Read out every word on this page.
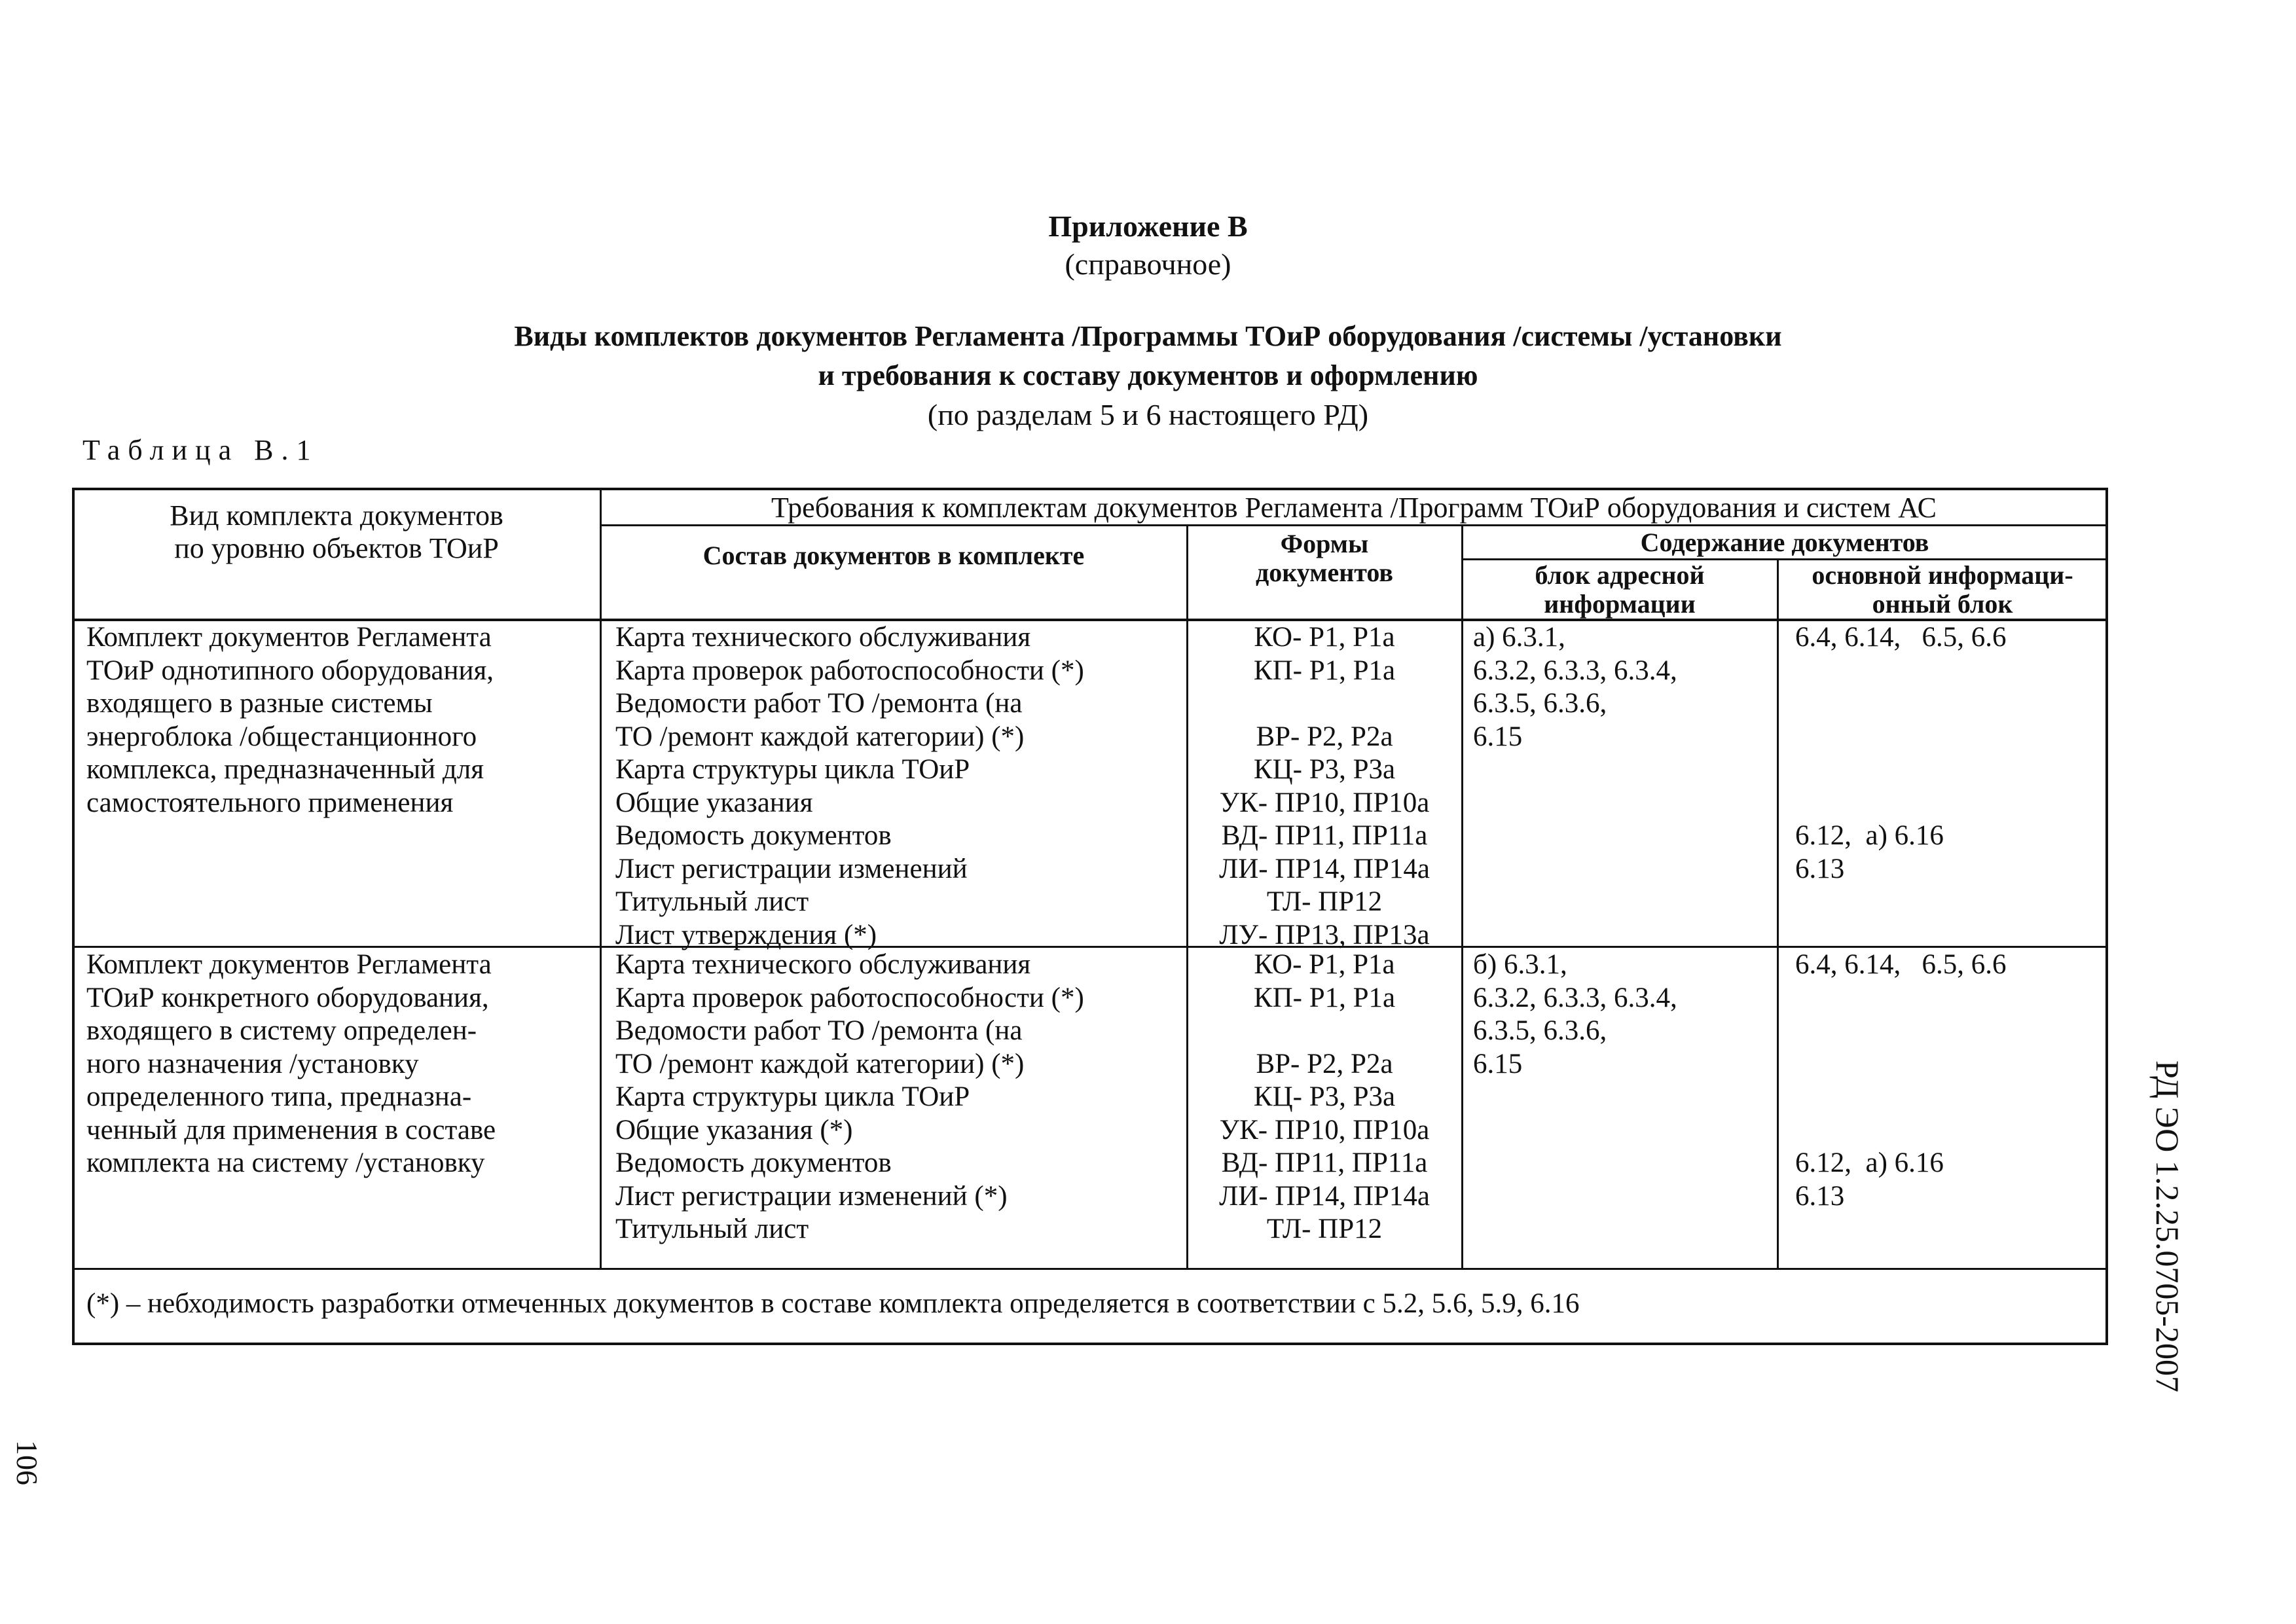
Приложение В
(справочное)
Виды комплектов документов Регламента /Программы ТОиР оборудования /системы /установки
и требования к составу документов и оформлению
(по разделам 5 и 6 настоящего РД)
Таблица В.1
Вид комплекта документов
по уровню объектов ТОиР
Требования к комплектам документов Регламента /Программ ТОиР оборудования и систем АС
Состав документов в комплекте	Формы
документов
Содержание документов
блок адресной
информации
основной информаци-
онный блок
Комплект документов Регламента
ТОиР однотипного оборудования,
входящего в разные системы
энергоблока /общестанционного
комплекса, предназначенный для
самостоятельного применения
Карта технического обслуживания
Карта проверок работоспособности (*)
Ведомости работ ТО /ремонта (на
ТО /ремонт каждой категории) (*)
Карта структуры цикла ТОиР
Общие указания
Ведомость документов
Лист регистрации изменений
Титульный лист
Лист утверждения (*)
КО- Р1, Р1а
КП- Р1, Р1а

ВР- Р2, Р2а
КЦ- Р3, Р3а
УК- ПР10, ПР10а
ВД- ПР11, ПР11а
ЛИ- ПР14, ПР14а
ТЛ- ПР12
ЛУ- ПР13, ПР13а
а) 6.3.1,
6.3.2, 6.3.3, 6.3.4,
6.3.5, 6.3.6,
6.15
6.4, 6.14,   6.5, 6.6
6.12,  а) 6.16
6.13
Комплект документов Регламента
ТОиР конкретного оборудования,
входящего в систему определен-
ного назначения /установку
определенного типа, предназна-
ченный для применения в составе
комплекта на систему /установку
Карта технического обслуживания
Карта проверок работоспособности (*)
Ведомости работ ТО /ремонта (на
ТО /ремонт каждой категории) (*)
Карта структуры цикла ТОиР
Общие указания (*)
Ведомость документов
Лист регистрации изменений (*)
Титульный лист
КО- Р1, Р1а
КП- Р1, Р1а

ВР- Р2, Р2а
КЦ- Р3, Р3а
УК- ПР10, ПР10а
ВД- ПР11, ПР11а
ЛИ- ПР14, ПР14а
ТЛ- ПР12
б) 6.3.1,
6.3.2, 6.3.3, 6.3.4,
6.3.5, 6.3.6,
6.15
6.4, 6.14,   6.5, 6.6
6.12,  а) 6.16
6.13
(*) – небходимость разработки отмеченных документов в составе комплекта определяется в соответствии с 5.2, 5.6, 5.9, 6.16	РД ЭО 1.2.25.0705-2007
106
